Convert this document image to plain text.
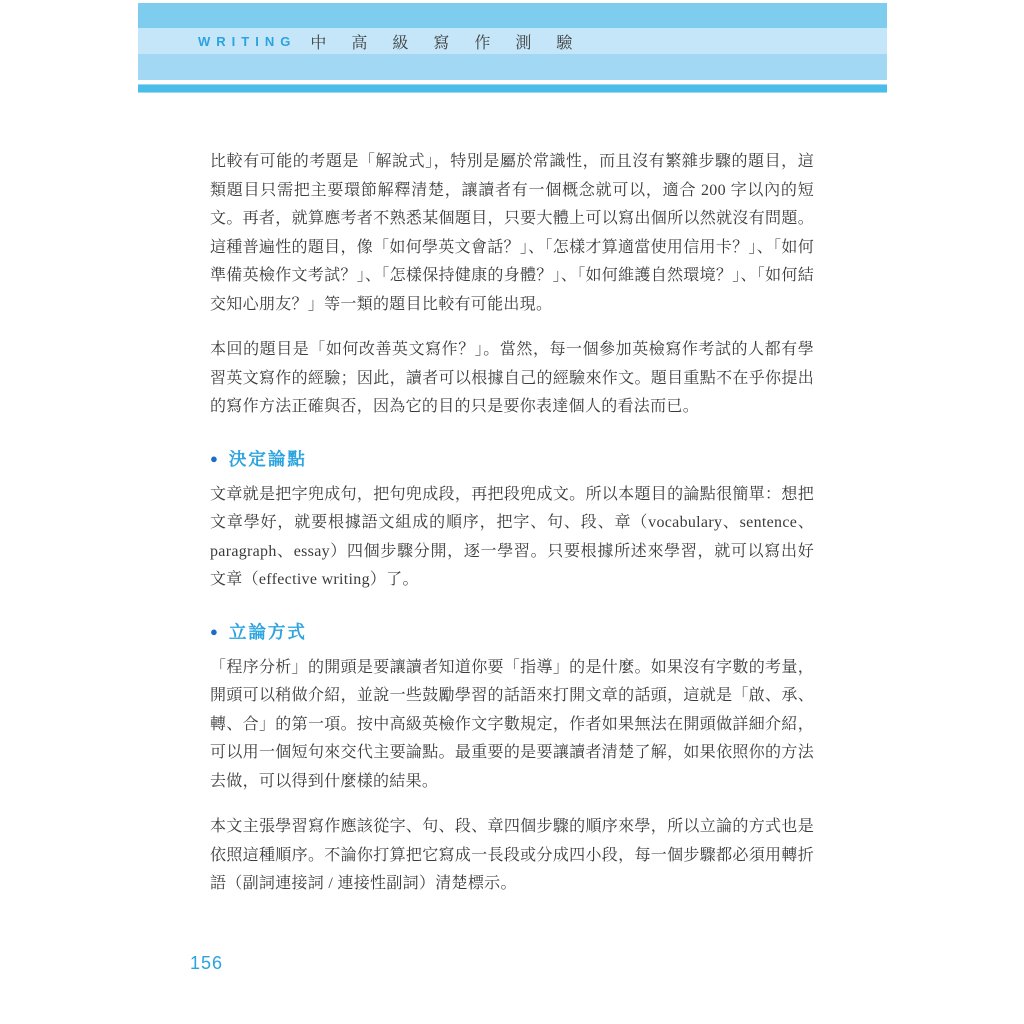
WRITING 中高級寫作測驗

比較有可能的考題是「解說式」，特別是屬於常識性，而且沒有繁雜步驟的題目，這類題目只需把主要環節解釋清楚，讓讀者有一個概念就可以，適合 200 字以內的短文。再者，就算應考者不熟悉某個題目，只要大體上可以寫出個所以然就沒有問題。這種普遍性的題目，像「如何學英文會話？」、「怎樣才算適當使用信用卡？」、「如何準備英檢作文考試？」、「怎樣保持健康的身體？」、「如何維護自然環境？」、「如何結交知心朋友？」等一類的題目比較有可能出現。

本回的題目是「如何改善英文寫作？」。當然，每一個參加英檢寫作考試的人都有學習英文寫作的經驗；因此，讀者可以根據自己的經驗來作文。題目重點不在乎你提出的寫作方法正確與否，因為它的目的只是要你表達個人的看法而已。

● 決定論點

文章就是把字兜成句，把句兜成段，再把段兜成文。所以本題目的論點很簡單：想把文章學好，就要根據語文組成的順序，把字、句、段、章（vocabulary、sentence、paragraph、essay）四個步驟分開，逐一學習。只要根據所述來學習，就可以寫出好文章（effective writing）了。

● 立論方式

「程序分析」的開頭是要讓讀者知道你要「指導」的是什麼。如果沒有字數的考量，開頭可以稍做介紹，並說一些鼓勵學習的話語來打開文章的話頭，這就是「啟、承、轉、合」的第一項。按中高級英檢作文字數規定，作者如果無法在開頭做詳細介紹，可以用一個短句來交代主要論點。最重要的是要讓讀者清楚了解，如果依照你的方法去做，可以得到什麼樣的結果。

本文主張學習寫作應該從字、句、段、章四個步驟的順序來學，所以立論的方式也是依照這種順序。不論你打算把它寫成一長段或分成四小段，每一個步驟都必須用轉折語（副詞連接詞 / 連接性副詞）清楚標示。

156
